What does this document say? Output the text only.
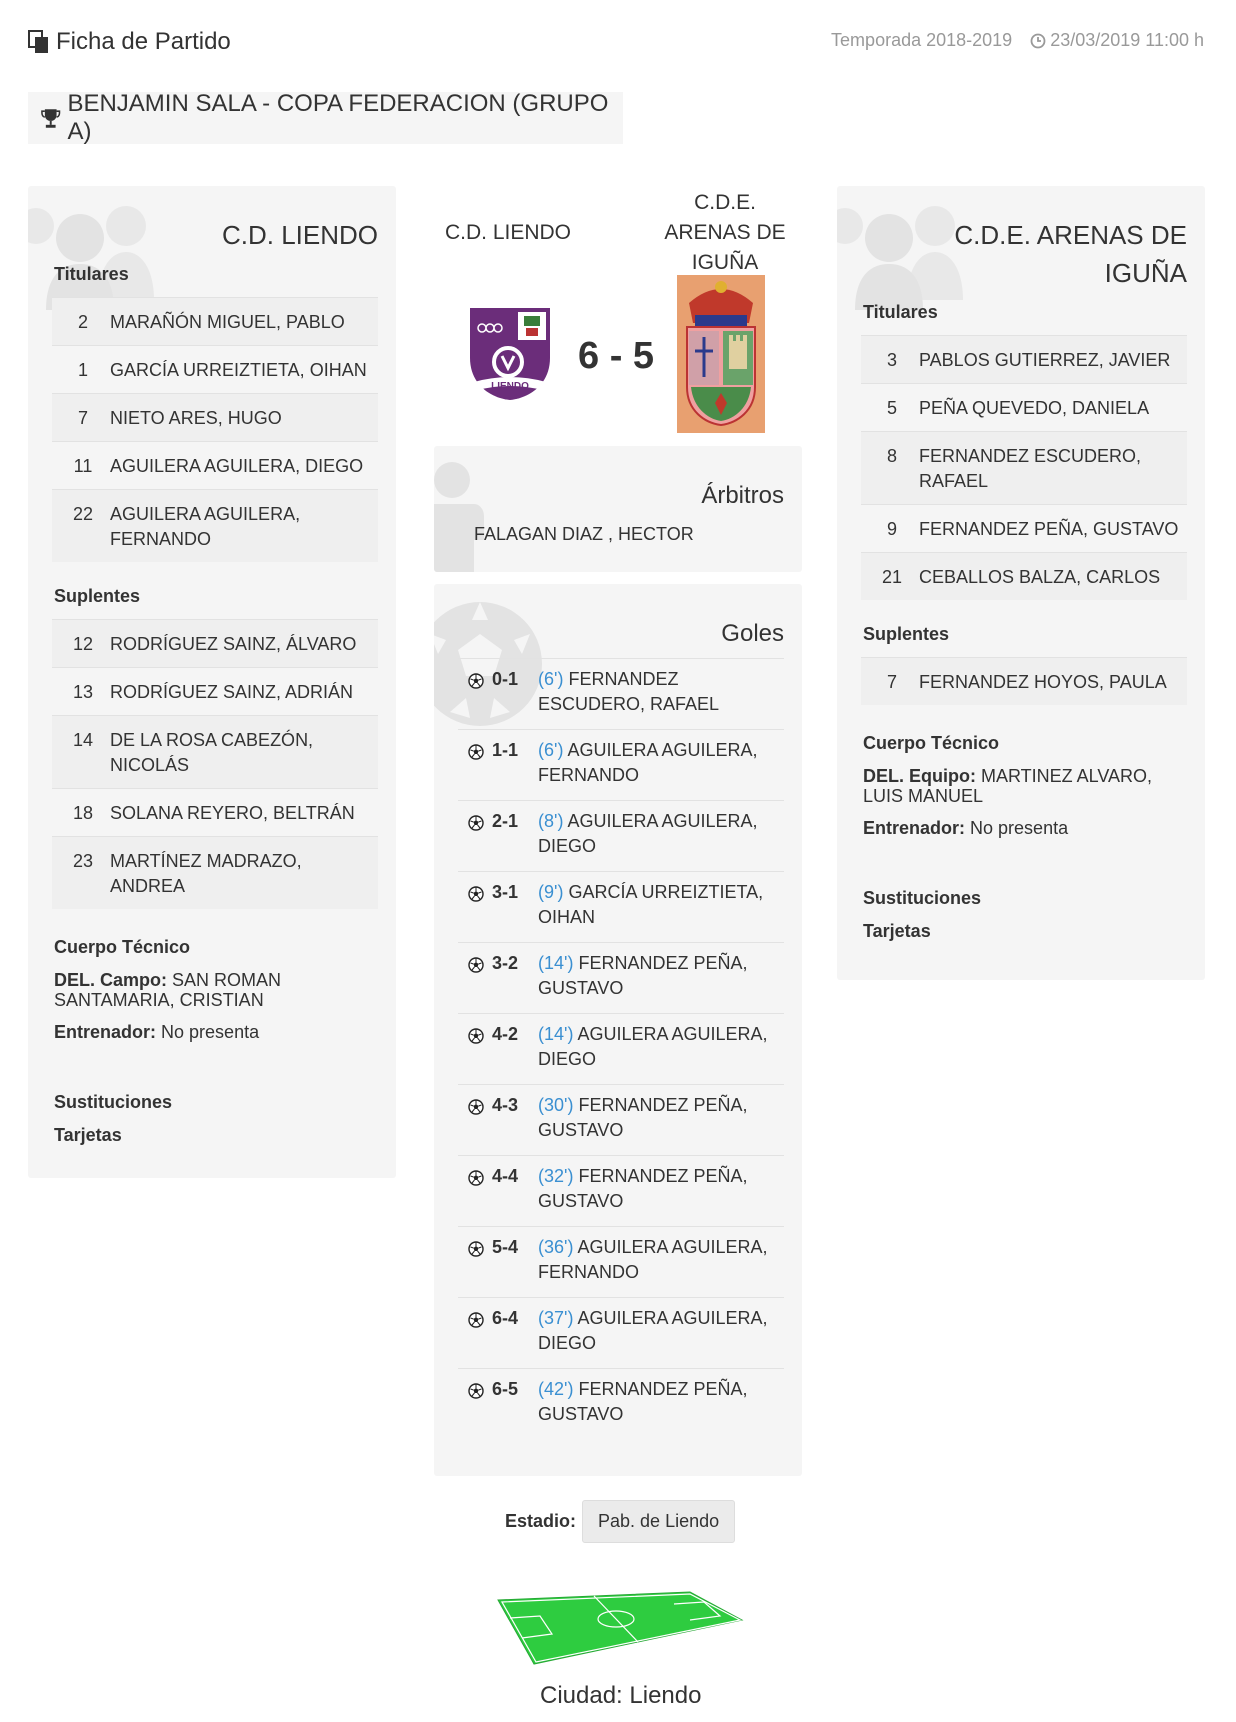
Ficha de Partido	Temporada 2018-2019 23/03/2019 11:00 h
BENJAMIN SALA - COPA FEDERACION (GRUPO A)
C.D. LIENDO
Titulares
2	MARAÑÓN MIGUEL, PABLO
1	GARCÍA URREIZTIETA, OIHAN
7	NIETO ARES, HUGO
11 AGUILERA AGUILERA, DIEGO
22 AGUILERA AGUILERA, FERNANDO
Suplentes
12 RODRÍGUEZ SAINZ, ÁLVARO
13 RODRÍGUEZ SAINZ, ADRIÁN
14 DE LA ROSA CABEZÓN, NICOLÁS
18 SOLANA REYERO, BELTRÁN
23 MARTÍNEZ MADRAZO, ANDREA
Cuerpo Técnico
DEL. Campo: SAN ROMAN SANTAMARIA, CRISTIAN
Entrenador: No presenta
Sustituciones
Tarjetas
C.D. LIENDO
C.D.E.
ARENAS DE
IGUÑA
LIENDO
6 - 5
Árbitros
FALAGAN DIAZ , HECTOR
Goles
0-1	(6') FERNANDEZ ESCUDERO, RAFAEL
1-1	(6') AGUILERA AGUILERA, FERNANDO
2-1	(8') AGUILERA AGUILERA, DIEGO
3-1	(9') GARCÍA URREIZTIETA, OIHAN
3-2	(14') FERNANDEZ PEÑA, GUSTAVO
4-2	(14') AGUILERA AGUILERA, DIEGO
4-3	(30') FERNANDEZ PEÑA, GUSTAVO
4-4	(32') FERNANDEZ PEÑA, GUSTAVO
5-4	(36') AGUILERA AGUILERA, FERNANDO
6-4	(37') AGUILERA AGUILERA, DIEGO
6-5	(42') FERNANDEZ PEÑA, GUSTAVO
C.D.E. ARENAS DE
IGUÑA
Titulares
3	PABLOS GUTIERREZ, JAVIER
5	PEÑA QUEVEDO, DANIELA
8	FERNANDEZ ESCUDERO, RAFAEL
9	FERNANDEZ PEÑA, GUSTAVO
21 CEBALLOS BALZA, CARLOS
Suplentes
7	FERNANDEZ HOYOS, PAULA
Cuerpo Técnico
DEL. Equipo: MARTINEZ ALVARO, LUIS MANUEL
Entrenador: No presenta
Sustituciones
Tarjetas
Estadio:	Pab. de Liendo
Ciudad: Liendo
